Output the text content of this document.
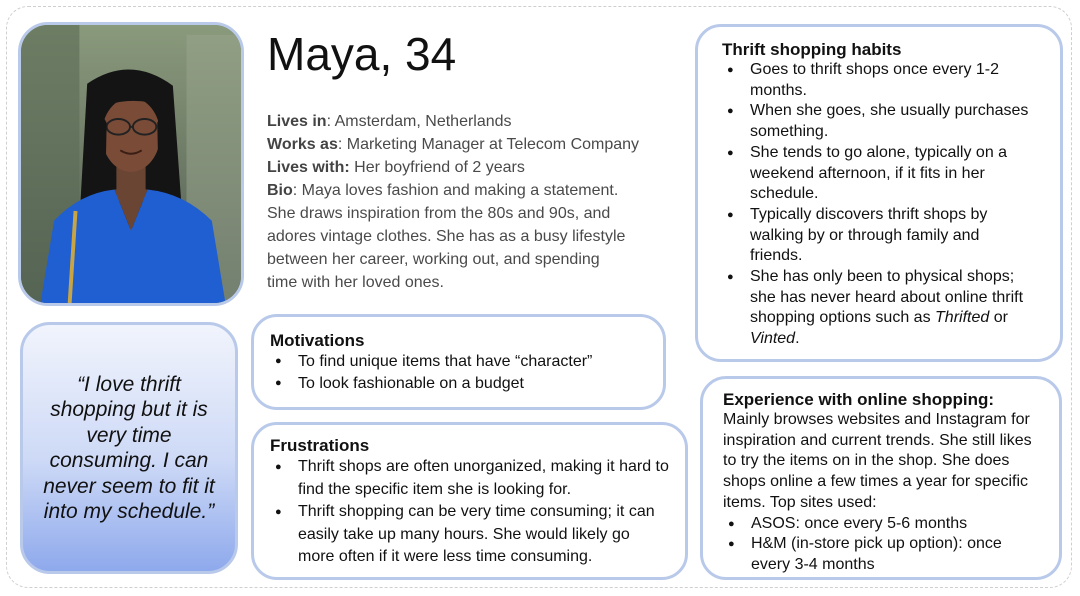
Maya, 34
Lives in: Amsterdam, Netherlands
Works as: Marketing Manager at Telecom Company
Lives with: Her boyfriend of 2 years
Bio: Maya loves fashion and making a statement.
She draws inspiration from the 80s and 90s, and
adores vintage clothes. She has as a busy lifestyle
between her career, working out, and spending
time with her loved ones.

“I love thrift shopping but it is very time consuming. I can never seem to fit it into my schedule.”

Motivations
● To find unique items that have “character”
● To look fashionable on a budget
Frustrations
● Thrift shops are often unorganized, making it hard to find the specific item she is looking for.
● Thrift shopping can be very time consuming; it can easily take up many hours. She would likely go more often if it were less time consuming.
Thrift shopping habits
● Goes to thrift shops once every 1-2 months.
● When she goes, she usually purchases something.
● She tends to go alone, typically on a weekend afternoon, if it fits in her schedule.
● Typically discovers thrift shops by walking by or through family and friends.
● She has only been to physical shops; she has never heard about online thrift shopping options such as Thrifted or Vinted.
Experience with online shopping:

Mainly browses websites and Instagram for inspiration and current trends. She still likes to try the items on in the shop. She does shops online a few times a year for specific items. Top sites used:

● ASOS: once every 5-6 months
● H&M (in-store pick up option): once every 3-4 months
